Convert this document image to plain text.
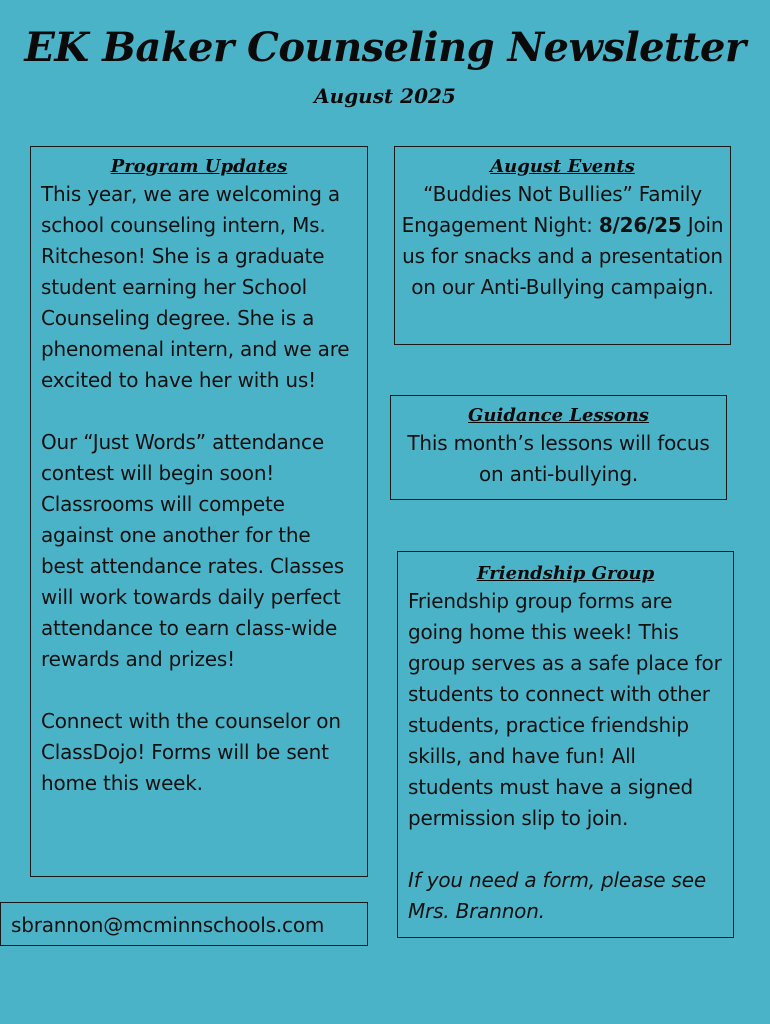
EK Baker Counseling Newsletter
August 2025
Program Updates

This year, we are welcoming a school counseling intern, Ms. Ritcheson! She is a graduate student earning her School Counseling degree. She is a phenomenal intern, and we are excited to have her with us!

Our “Just Words” attendance contest will begin soon! Classrooms will compete against one another for the best attendance rates. Classes will work towards daily perfect attendance to earn class-wide rewards and prizes!

Connect with the counselor on ClassDojo! Forms will be sent home this week.

August Events
“Buddies Not Bullies” Family Engagement Night: 8/26/25 Join us for snacks and a presentation on our Anti-Bullying campaign.
Guidance Lessons
This month’s lessons will focus on anti-bullying.
Friendship Group

Friendship group forms are going home this week! This group serves as a safe place for students to connect with other students, practice friendship skills, and have fun! All students must have a signed permission slip to join.

If you need a form, please see Mrs. Brannon.

sbrannon@mcminnschools.com
